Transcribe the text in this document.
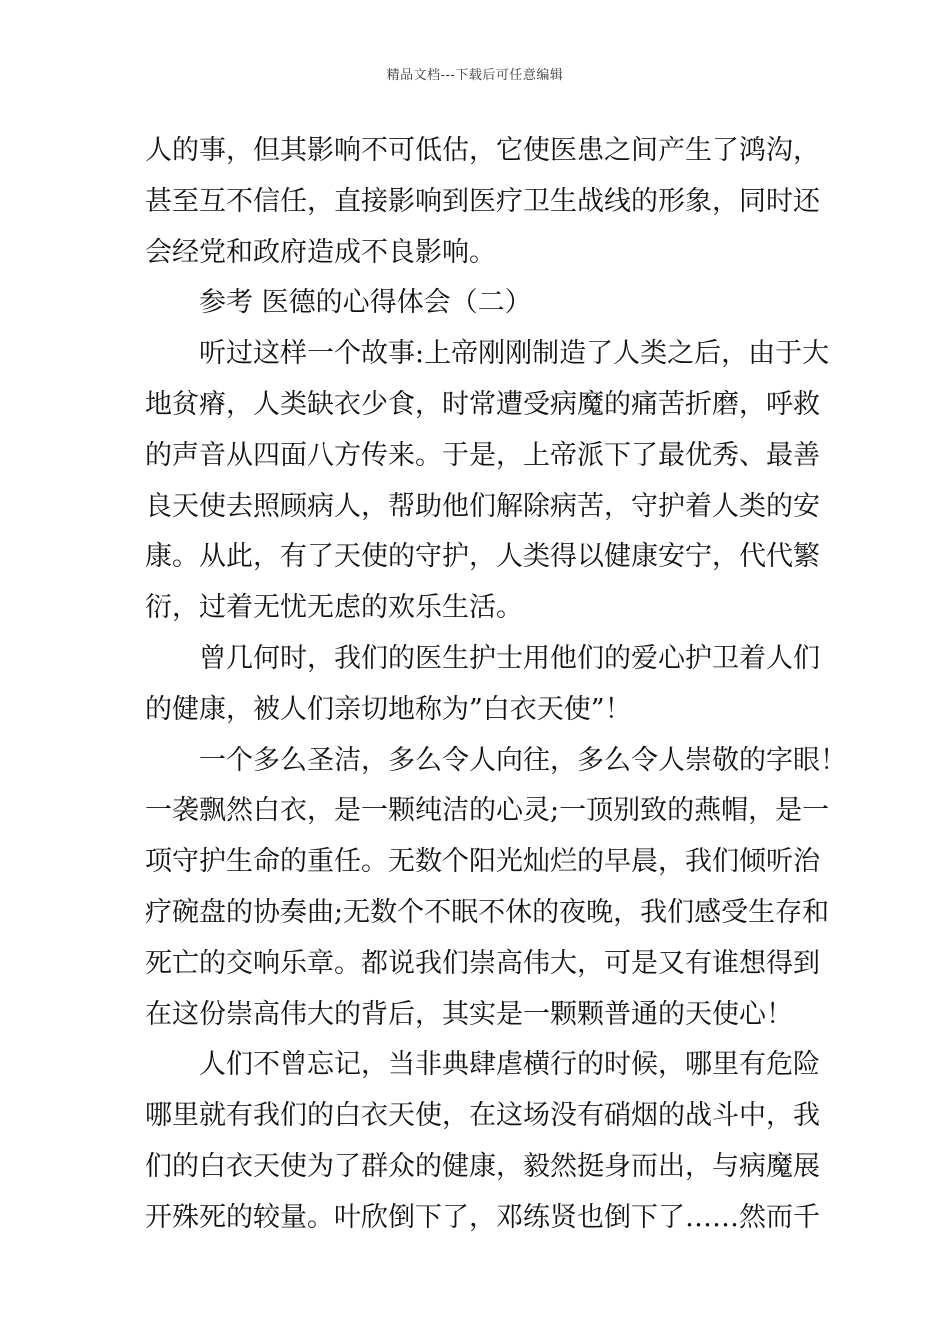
精品文档---下载后可任意编辑
人的事，但其影响不可低估，它使医患之间产生了鸿沟，
甚至互不信任，直接影响到医疗卫生战线的形象，同时还
会经党和政府造成不良影响。
参考 医德的心得体会（二）
听过这样一个故事:上帝刚刚制造了人类之后，由于大
地贫瘠，人类缺衣少食，时常遭受病魔的痛苦折磨，呼救
的声音从四面八方传来。于是，上帝派下了最优秀、最善
良天使去照顾病人，帮助他们解除病苦，守护着人类的安
康。从此，有了天使的守护，人类得以健康安宁，代代繁
衍，过着无忧无虑的欢乐生活。
曾几何时，我们的医生护士用他们的爱心护卫着人们
的健康，被人们亲切地称为”白衣天使”！
一个多么圣洁，多么令人向往，多么令人崇敬的字眼！
一袭飘然白衣，是一颗纯洁的心灵;一顶别致的燕帽，是一
项守护生命的重任。无数个阳光灿烂的早晨，我们倾听治
疗碗盘的协奏曲;无数个不眠不休的夜晚，我们感受生存和
死亡的交响乐章。都说我们崇高伟大，可是又有谁想得到
在这份崇高伟大的背后，其实是一颗颗普通的天使心！
人们不曾忘记，当非典肆虐横行的时候，哪里有危险
哪里就有我们的白衣天使，在这场没有硝烟的战斗中，我
们的白衣天使为了群众的健康，毅然挺身而出，与病魔展
开殊死的较量。叶欣倒下了，邓练贤也倒下了……然而千
